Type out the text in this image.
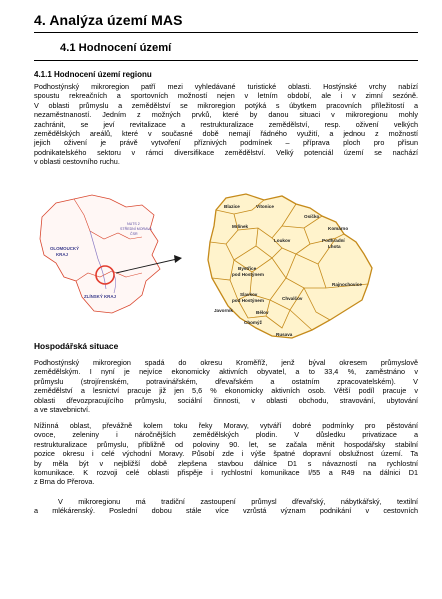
4. Analýza území MAS
4.1 Hodnocení území
4.1.1 Hodnocení území regionu
Podhostýnský mikroregion patří mezi vyhledávané turistické oblasti. Hostýnské vrchy nabízí
spoustu rekreačních a sportovních možností nejen v letním období, ale i v zimní sezóně.
V oblasti průmyslu a zemědělství se mikroregion potýká s úbytkem pracovních příležitostí a
nezaměstnaností. Jedním z možných prvků, které by danou situaci v mikroregionu mohly
zachránit, se jeví revitalizace a restrukturalizace zemědělství, resp. oživení velkých
zemědělských areálů, které v současné době nemají řádného využití, a jednou z možností
jejich oživení je právě vytvoření příznivých podmínek – příprava ploch pro přísun
podnikatelského sektoru v rámci diversifikace zemědělství. Velký potenciál území se nachází
v oblasti cestovního ruchu.
NUTS 2
STŘEDNÍ MORAVA
ČSR
OLOMOUCKÝ
KRAJ
ZLÍNSKÝ KRAJ
Blazice	Vítonice
Mrlínek
Loukov
Osíčko
Komárno
Podhradní
Lhota
Bystřice
pod Hostýnem
Chvalčov
Rajnochovice
Slavkov
pod Hostýnem
Chomýž
Javorník
Rusava
Bělov
Hospodářská situace
Podhostýnský mikroregion spadá do okresu Kroměříž, jenž býval okresem průmyslově
zemědělským. I nyní je nejvíce ekonomicky aktivních obyvatel, a to 33,4 %, zaměstnáno v
průmyslu (strojírenském, potravinářském, dřevařském a ostatním zpracovatelském). V
zemědělství a lesnictví pracuje již jen 5,6 % ekonomicky aktivních osob. Větší podíl pracuje v
oblasti dřevozpracujícího průmyslu, sociální činnosti, v oblasti obchodu, stravování, ubytování
a ve stavebnictví.
Nížinná oblast, převážně kolem toku řeky Moravy, vytváří dobré podmínky pro pěstování
ovoce, zeleniny i náročnějších zemědělských plodin. V důsledku privatizace a
restrukturalizace průmyslu, přibližně od poloviny 90. let, se začala měnit hospodářsky stabilní
pozice okresu i celé východní Moravy. Působí zde i výše špatné dopravní obslužnost území. Ta
by měla být v nejbližší době zlepšena stavbou dálnice D1 s návazností na rychlostní
komunikace. K rozvoji celé oblasti přispěje i rychlostní komunikace I/55 a R49 na dálnici D1
z Brna do Přerova.
V mikroregionu má tradiční zastoupení průmysl dřevařský, nábytkářský, textilní
a mlékárenský. Poslední dobou stále více vzrůstá význam podnikání v cestovních
